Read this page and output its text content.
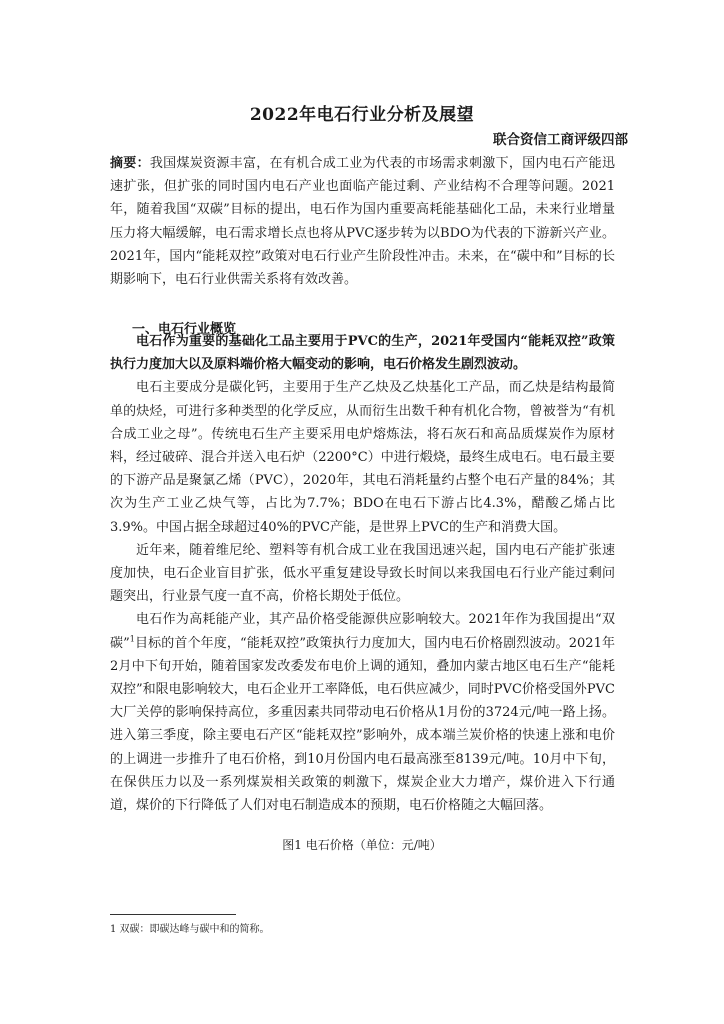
2022年电石行业分析及展望
联合资信工商评级四部
摘要：我国煤炭资源丰富，在有机合成工业为代表的市场需求刺激下，国内电石产能迅速扩张，但扩张的同时国内电石产业也面临产能过剩、产业结构不合理等问题。2021年，随着我国“双碳”目标的提出，电石作为国内重要高耗能基础化工品，未来行业增量压力将大幅缓解，电石需求增长点也将从PVC逐步转为以BDO为代表的下游新兴产业。2021年，国内“能耗双控”政策对电石行业产生阶段性冲击。未来，在“碳中和”目标的长期影响下，电石行业供需关系将有效改善。
一、电石行业概览

电石作为重要的基础化工品主要用于PVC的生产，2021年受国内“能耗双控”政策执行力度加大以及原料端价格大幅变动的影响，电石价格发生剧烈波动。

电石主要成分是碳化钙，主要用于生产乙炔及乙炔基化工产品，而乙炔是结构最简单的炔烃，可进行多种类型的化学反应，从而衍生出数千种有机化合物，曾被誉为“有机合成工业之母”。传统电石生产主要采用电炉熔炼法，将石灰石和高品质煤炭作为原材料，经过破碎、混合并送入电石炉（2200°C）中进行煅烧，最终生成电石。电石最主要的下游产品是聚氯乙烯（PVC），2020年，其电石消耗量约占整个电石产量的84%；其次为生产工业乙炔气等，占比为7.7%；BDO在电石下游占比4.3%，醋酸乙烯占比3.9%。中国占据全球超过40%的PVC产能，是世界上PVC的生产和消费大国。

近年来，随着维尼纶、塑料等有机合成工业在我国迅速兴起，国内电石产能扩张速度加快，电石企业盲目扩张，低水平重复建设导致长时间以来我国电石行业产能过剩问题突出，行业景气度一直不高，价格长期处于低位。

电石作为高耗能产业，其产品价格受能源供应影响较大。2021年作为我国提出“双碳”$^1$目标的首个年度，“能耗双控”政策执行力度加大，国内电石价格剧烈波动。2021年2月中下旬开始，随着国家发改委发布电价上调的通知，叠加内蒙古地区电石生产“能耗双控”和限电影响较大，电石企业开工率降低，电石供应减少，同时PVC价格受国外PVC大厂关停的影响保持高位，多重因素共同带动电石价格从1月份的3724元/吨一路上扬。进入第三季度，除主要电石产区“能耗双控”影响外，成本端兰炭价格的快速上涨和电价的上调进一步推升了电石价格，到10月份国内电石最高涨至8139元/吨。10月中下旬，在保供压力以及一系列煤炭相关政策的刺激下，煤炭企业大力增产，煤价进入下行通道，煤价的下行降低了人们对电石制造成本的预期，电石价格随之大幅回落。

图1 电石价格（单位：元/吨）
1 双碳：即碳达峰与碳中和的简称。
